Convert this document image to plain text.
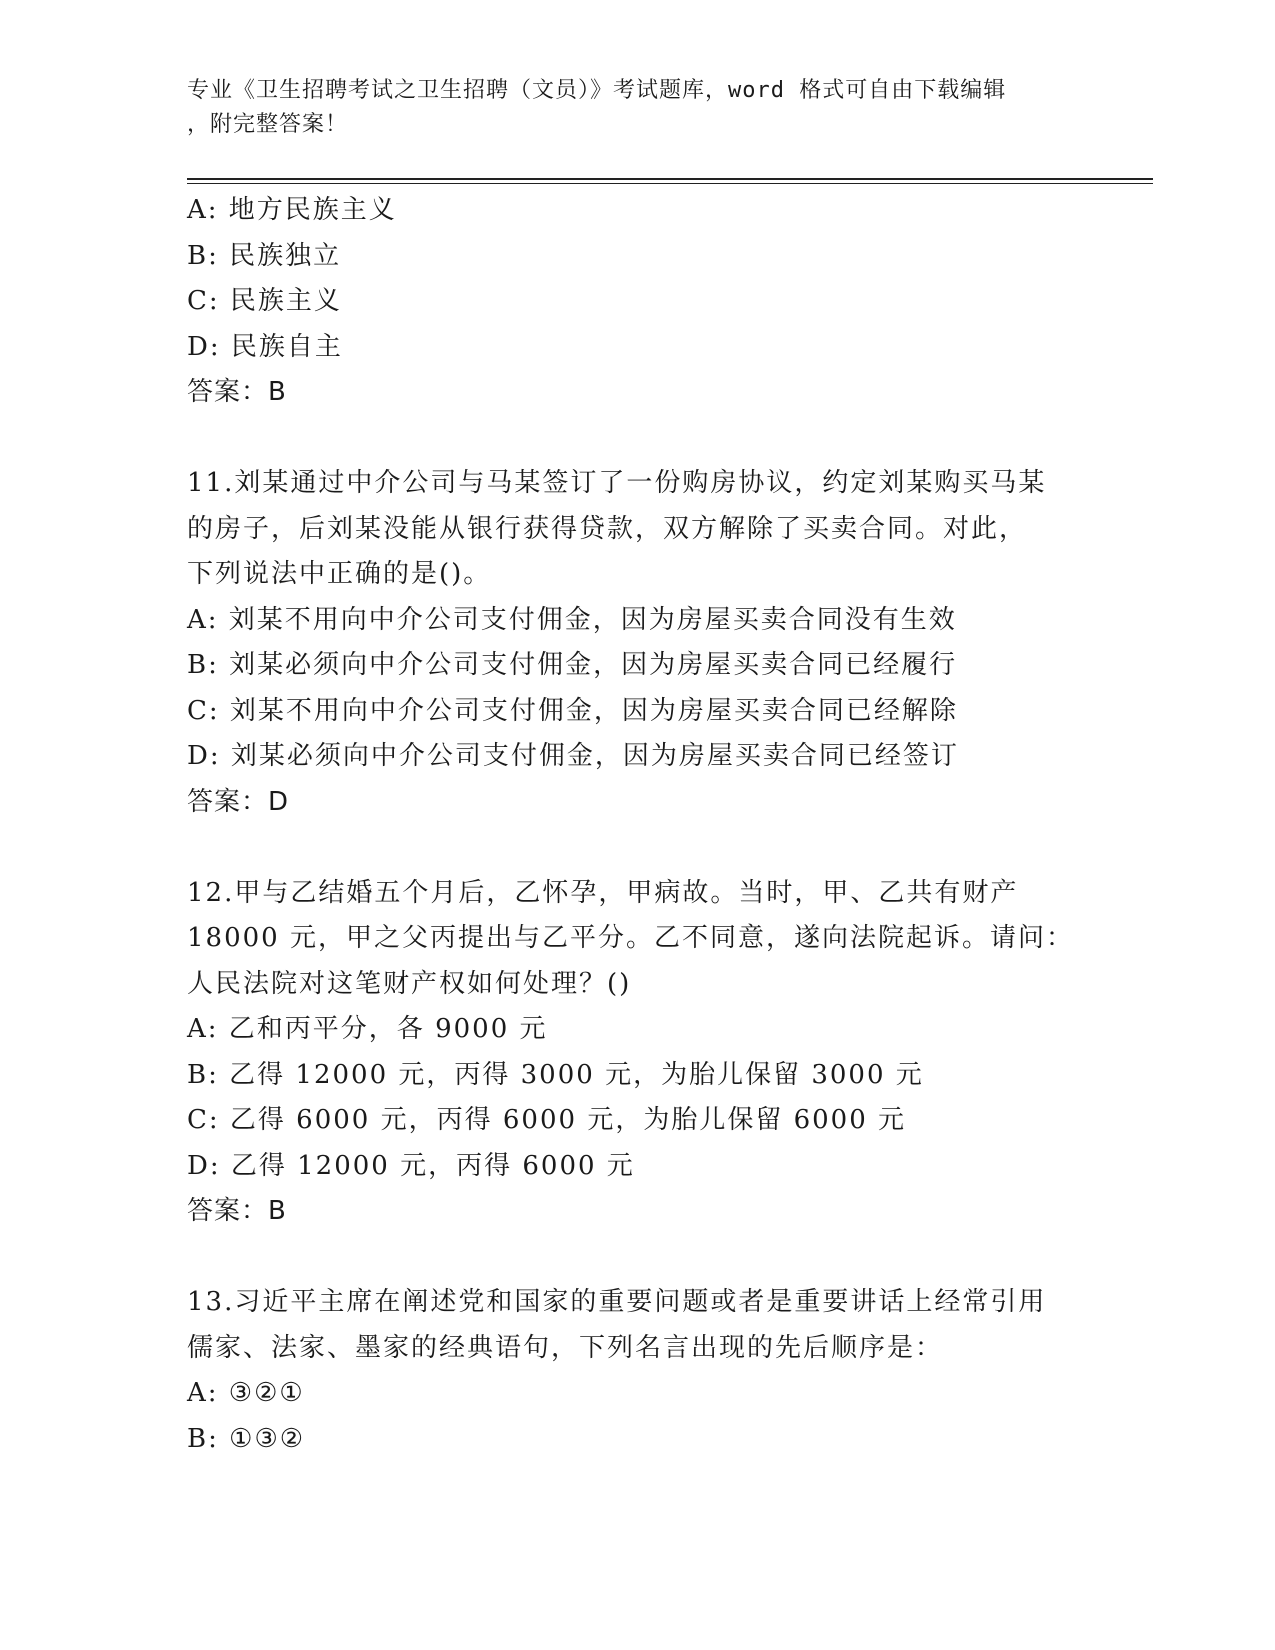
专业《卫生招聘考试之卫生招聘（文员）》考试题库，word 格式可自由下载编辑
，附完整答案！
A: 地方民族主义
B: 民族独立
C: 民族主义
D: 民族自主
答案：B
11.刘某通过中介公司与马某签订了一份购房协议，约定刘某购买马某
的房子，后刘某没能从银行获得贷款，双方解除了买卖合同。对此，
下列说法中正确的是()。
A: 刘某不用向中介公司支付佣金，因为房屋买卖合同没有生效
B: 刘某必须向中介公司支付佣金，因为房屋买卖合同已经履行
C: 刘某不用向中介公司支付佣金，因为房屋买卖合同已经解除
D: 刘某必须向中介公司支付佣金，因为房屋买卖合同已经签订
答案：D
12.甲与乙结婚五个月后，乙怀孕，甲病故。当时，甲、乙共有财产
18000 元，甲之父丙提出与乙平分。乙不同意，遂向法院起诉。请问：
人民法院对这笔财产权如何处理？()
A: 乙和丙平分，各 9000 元
B: 乙得 12000 元，丙得 3000 元，为胎儿保留 3000 元
C: 乙得 6000 元，丙得 6000 元，为胎儿保留 6000 元
D: 乙得 12000 元，丙得 6000 元
答案：B
13.习近平主席在阐述党和国家的重要问题或者是重要讲话上经常引用
儒家、法家、墨家的经典语句，下列名言出现的先后顺序是：
A: ③②①
B: ①③②
